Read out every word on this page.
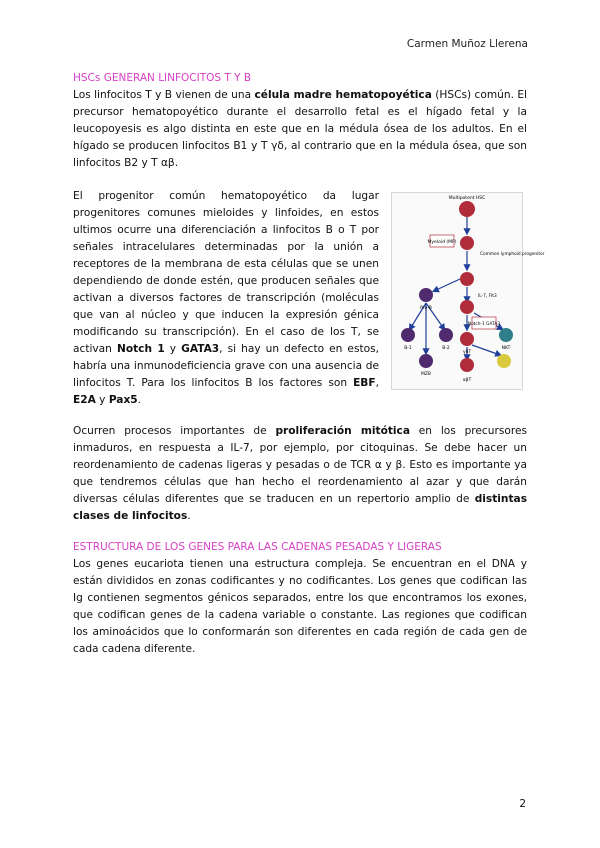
Carmen Muñoz Llerena
HSCs GENERAN LINFOCITOS T Y B

Los linfocitos T y B vienen de una célula madre hematopoyética (HSCs) común. El precursor hematopoyético durante el desarrollo fetal es el hígado fetal y la leucopoyesis es algo distinta en este que en la médula ósea de los adultos. En el hígado se producen linfocitos B1 y T γδ, al contrario que en la médula ósea, que son linfocitos B2 y T αβ.

El progenitor común hematopoyético da lugar progenitores comunes mieloides y linfoides, en estos ultimos ocurre una diferenciación a linfocitos B o T por señales intracelulares determinadas por la unión a receptores de la membrana de esta células que se unen dependiendo de donde estén, que producen señales que activan a diversos factores de transcripción (moléculas que van al núcleo y que inducen la expresión génica modificando su transcripción). En el caso de los T, se activan Notch 1 y GATA3, si hay un defecto en estos, habría una inmunodeficiencia grave con una ausencia de linfocitos T. Para los linfocitos B los factores son EBF, E2A y Pax5.

Multipotent HSC
Myeloid (MP)
Common lymphoid progenitor
Pro-B
IL-7, Flt3
Notch-1 GATA3
B-1	B-2
MZB
γδT
NKT
αβT

Ocurren procesos importantes de proliferación mitótica en los precursores inmaduros, en respuesta a IL-7, por ejemplo, por citoquinas. Se debe hacer un reordenamiento de cadenas ligeras y pesadas o de TCR α y β. Esto es importante ya que tendremos células que han hecho el reordenamiento al azar y que darán diversas células diferentes que se traducen en un repertorio amplio de distintas clases de linfocitos.

ESTRUCTURA DE LOS GENES PARA LAS CADENAS PESADAS Y LIGERAS

Los genes eucariota tienen una estructura compleja. Se encuentran en el DNA y están divididos en zonas codificantes y no codificantes. Los genes que codifican las Ig contienen segmentos génicos separados, entre los que encontramos los exones, que codifican genes de la cadena variable o constante. Las regiones que codifican los aminoácidos que lo conformarán son diferentes en cada región de cada gen de cada cadena diferente.

2
